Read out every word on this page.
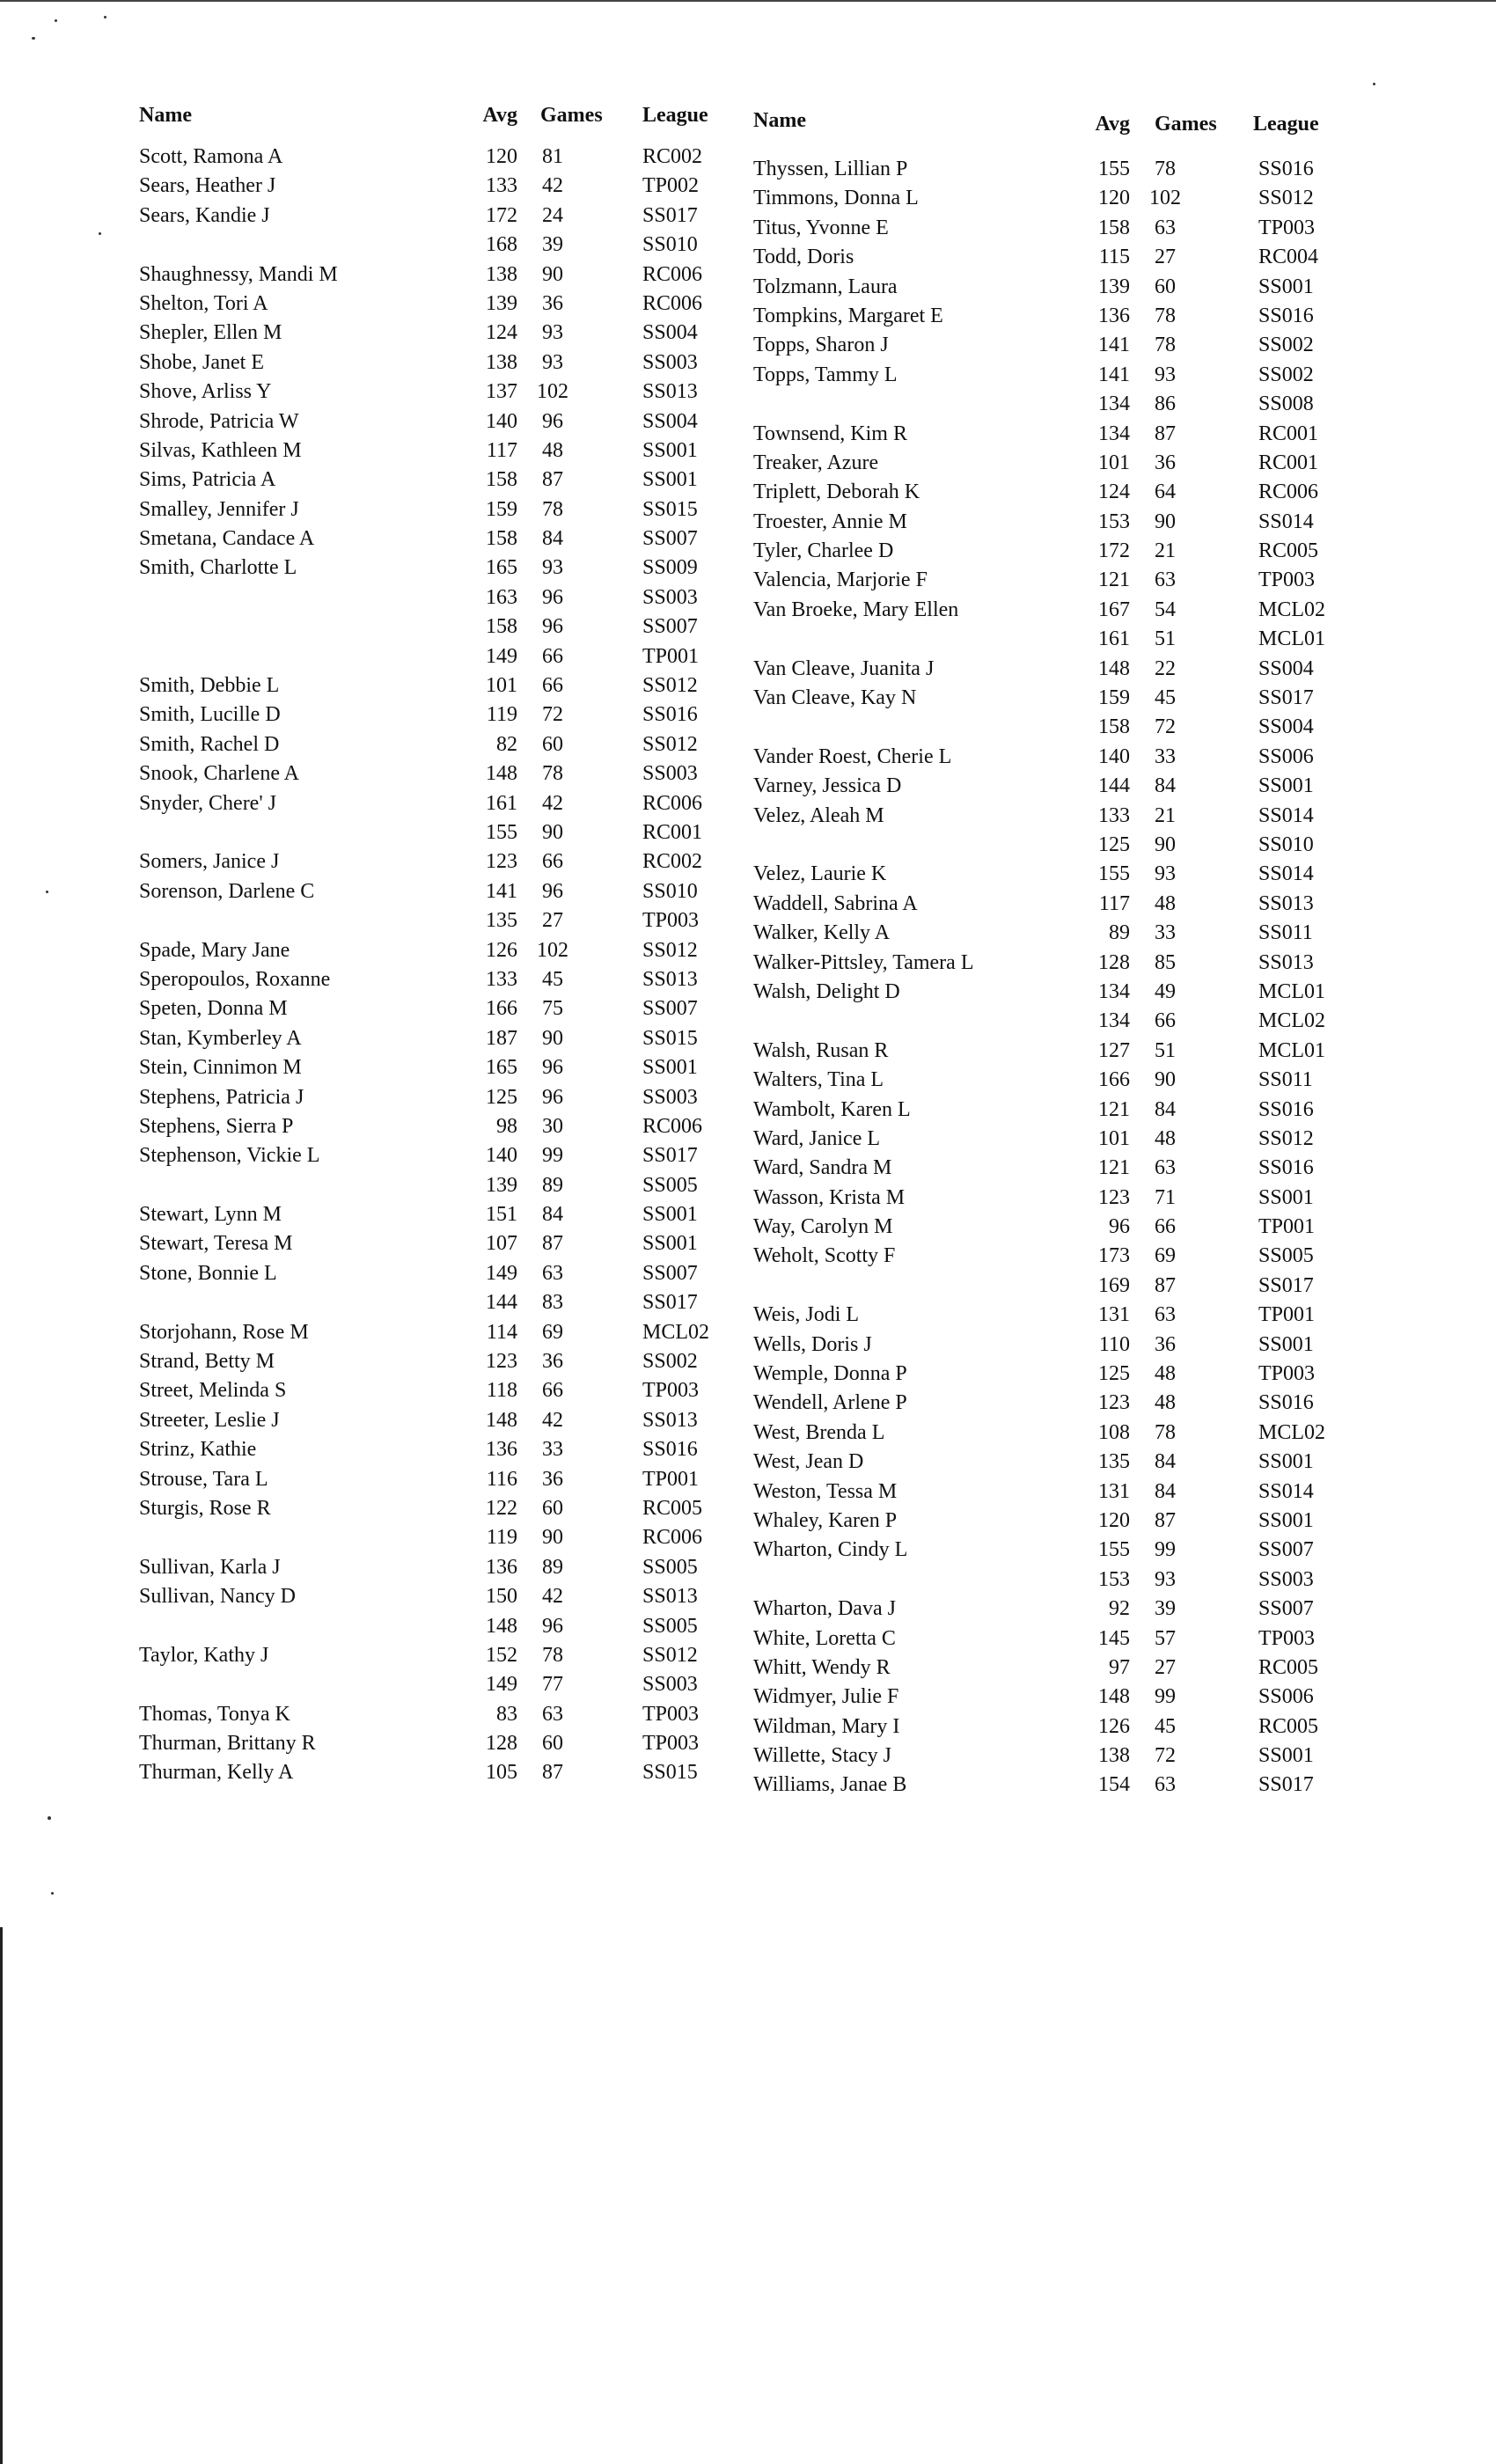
Name	Avg Games League
Scott, Ramona A	120	81	RC002
Sears, Heather J	133	42	TP002
Sears, Kandie J	172	24	SS017
168	39	SS010
Shaughnessy, Mandi M	138	90	RC006
Shelton, Tori A	139	36	RC006
Shepler, Ellen M	124	93	SS004
Shobe, Janet E	138	93	SS003
Shove, Arliss Y	137 102	SS013
Shrode, Patricia W	140	96	SS004
Silvas, Kathleen M	117	48	SS001
Sims, Patricia A	158	87	SS001
Smalley, Jennifer J	159	78	SS015
Smetana, Candace A	158	84	SS007
Smith, Charlotte L	165	93	SS009
163	96	SS003
158	96	SS007
149	66	TP001
Smith, Debbie L	101	66	SS012
Smith, Lucille D	119	72	SS016
Smith, Rachel D	82	60	SS012
Snook, Charlene A	148	78	SS003
Snyder, Chere' J	161	42	RC006
155	90	RC001
Somers, Janice J	123	66	RC002
Sorenson, Darlene C	141	96	SS010
135	27	TP003
Spade, Mary Jane	126 102	SS012
Speropoulos, Roxanne	133	45	SS013
Speten, Donna M	166	75	SS007
Stan, Kymberley A	187	90	SS015
Stein, Cinnimon M	165	96	SS001
Stephens, Patricia J	125	96	SS003
Stephens, Sierra P	98	30	RC006
Stephenson, Vickie L	140	99	SS017
139	89	SS005
Stewart, Lynn M	151	84	SS001
Stewart, Teresa M	107	87	SS001
Stone, Bonnie L	149	63	SS007
144	83	SS017
Storjohann, Rose M	114	69	MCL02
Strand, Betty M	123	36	SS002
Street, Melinda S	118	66	TP003
Streeter, Leslie J	148	42	SS013
Strinz, Kathie	136	33	SS016
Strouse, Tara L	116	36	TP001
Sturgis, Rose R	122	60	RC005
119	90	RC006
Sullivan, Karla J	136	89	SS005
Sullivan, Nancy D	150	42	SS013
148	96	SS005
Taylor, Kathy J	152	78	SS012
149	77	SS003
Thomas, Tonya K	83	63	TP003
Thurman, Brittany R	128	60	TP003
Thurman, Kelly A	105	87	SS015
Name	Avg Games League
Thyssen, Lillian P	155	78	SS016
Timmons, Donna L	120 102	SS012
Titus, Yvonne E	158	63	TP003
Todd, Doris	115	27	RC004
Tolzmann, Laura	139	60	SS001
Tompkins, Margaret E	136	78	SS016
Topps, Sharon J	141	78	SS002
Topps, Tammy L	141	93	SS002
134	86	SS008
Townsend, Kim R	134	87	RC001
Treaker, Azure	101	36	RC001
Triplett, Deborah K	124	64	RC006
Troester, Annie M	153	90	SS014
Tyler, Charlee D	172	21	RC005
Valencia, Marjorie F	121	63	TP003
Van Broeke, Mary Ellen	167	54	MCL02
161	51	MCL01
Van Cleave, Juanita J	148	22	SS004
Van Cleave, Kay N	159	45	SS017
158	72	SS004
Vander Roest, Cherie L	140	33	SS006
Varney, Jessica D	144	84	SS001
Velez, Aleah M	133	21	SS014
125	90	SS010
Velez, Laurie K	155	93	SS014
Waddell, Sabrina A	117	48	SS013
Walker, Kelly A	89	33	SS011
Walker-Pittsley, Tamera L	128	85	SS013
Walsh, Delight D	134	49	MCL01
134	66	MCL02
Walsh, Rusan R	127	51	MCL01
Walters, Tina L	166	90	SS011
Wambolt, Karen L	121	84	SS016
Ward, Janice L	101	48	SS012
Ward, Sandra M	121	63	SS016
Wasson, Krista M	123	71	SS001
Way, Carolyn M	96	66	TP001
Weholt, Scotty F	173	69	SS005
169	87	SS017
Weis, Jodi L	131	63	TP001
Wells, Doris J	110	36	SS001
Wemple, Donna P	125	48	TP003
Wendell, Arlene P	123	48	SS016
West, Brenda L	108	78	MCL02
West, Jean D	135	84	SS001
Weston, Tessa M	131	84	SS014
Whaley, Karen P	120	87	SS001
Wharton, Cindy L	155	99	SS007
153	93	SS003
Wharton, Dava J	92	39	SS007
White, Loretta C	145	57	TP003
Whitt, Wendy R	97	27	RC005
Widmyer, Julie F	148	99	SS006
Wildman, Mary I	126	45	RC005
Willette, Stacy J	138	72	SS001
Williams, Janae B	154	63	SS017
